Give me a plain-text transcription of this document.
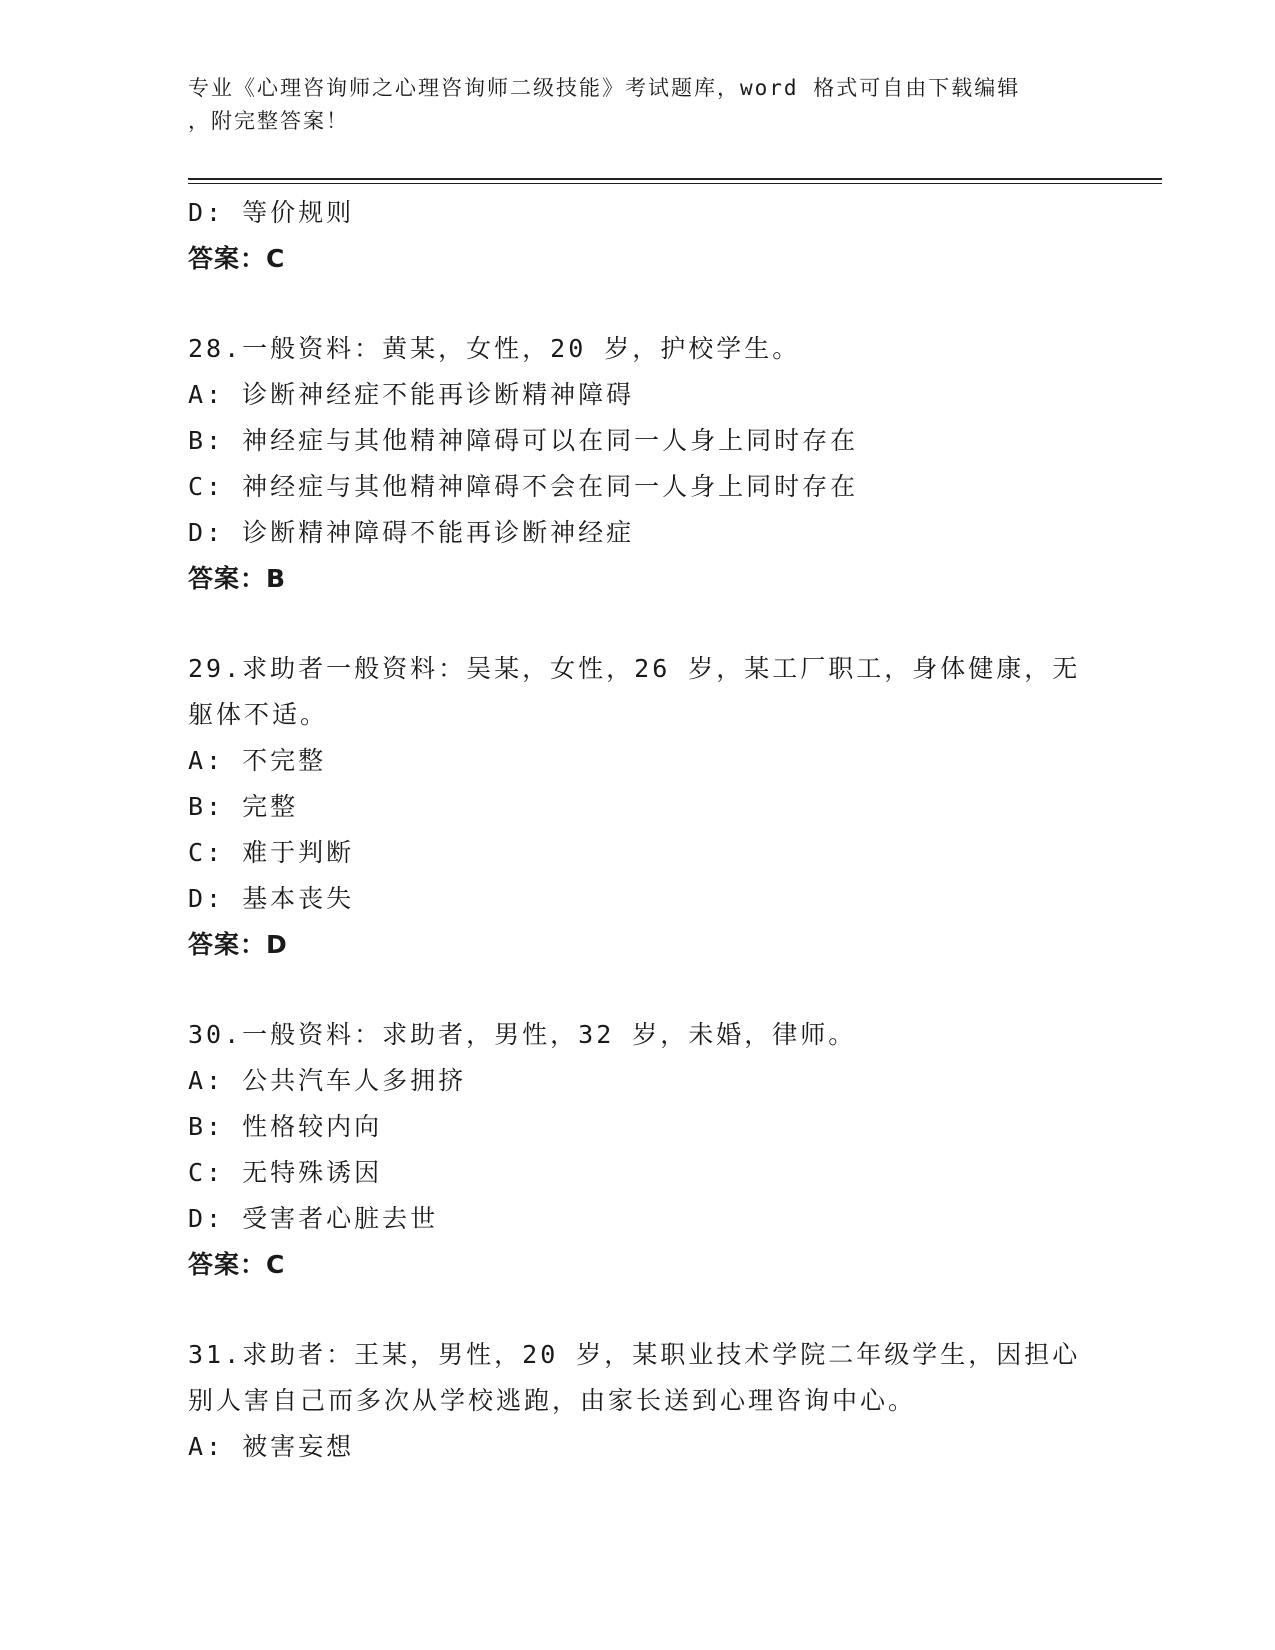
专业《心理咨询师之心理咨询师二级技能》考试题库，word 格式可自由下载编辑
，附完整答案！
D: 等价规则
答案：C
28.一般资料：黄某，女性，20 岁，护校学生。
A: 诊断神经症不能再诊断精神障碍
B: 神经症与其他精神障碍可以在同一人身上同时存在
C: 神经症与其他精神障碍不会在同一人身上同时存在
D: 诊断精神障碍不能再诊断神经症
答案：B
29.求助者一般资料：吴某，女性，26 岁，某工厂职工，身体健康，无
躯体不适。
A: 不完整
B: 完整
C: 难于判断
D: 基本丧失
答案：D
30.一般资料：求助者，男性，32 岁，未婚，律师。
A: 公共汽车人多拥挤
B: 性格较内向
C: 无特殊诱因
D: 受害者心脏去世
答案：C
31.求助者：王某，男性，20 岁，某职业技术学院二年级学生，因担心
别人害自己而多次从学校逃跑，由家长送到心理咨询中心。
A: 被害妄想
